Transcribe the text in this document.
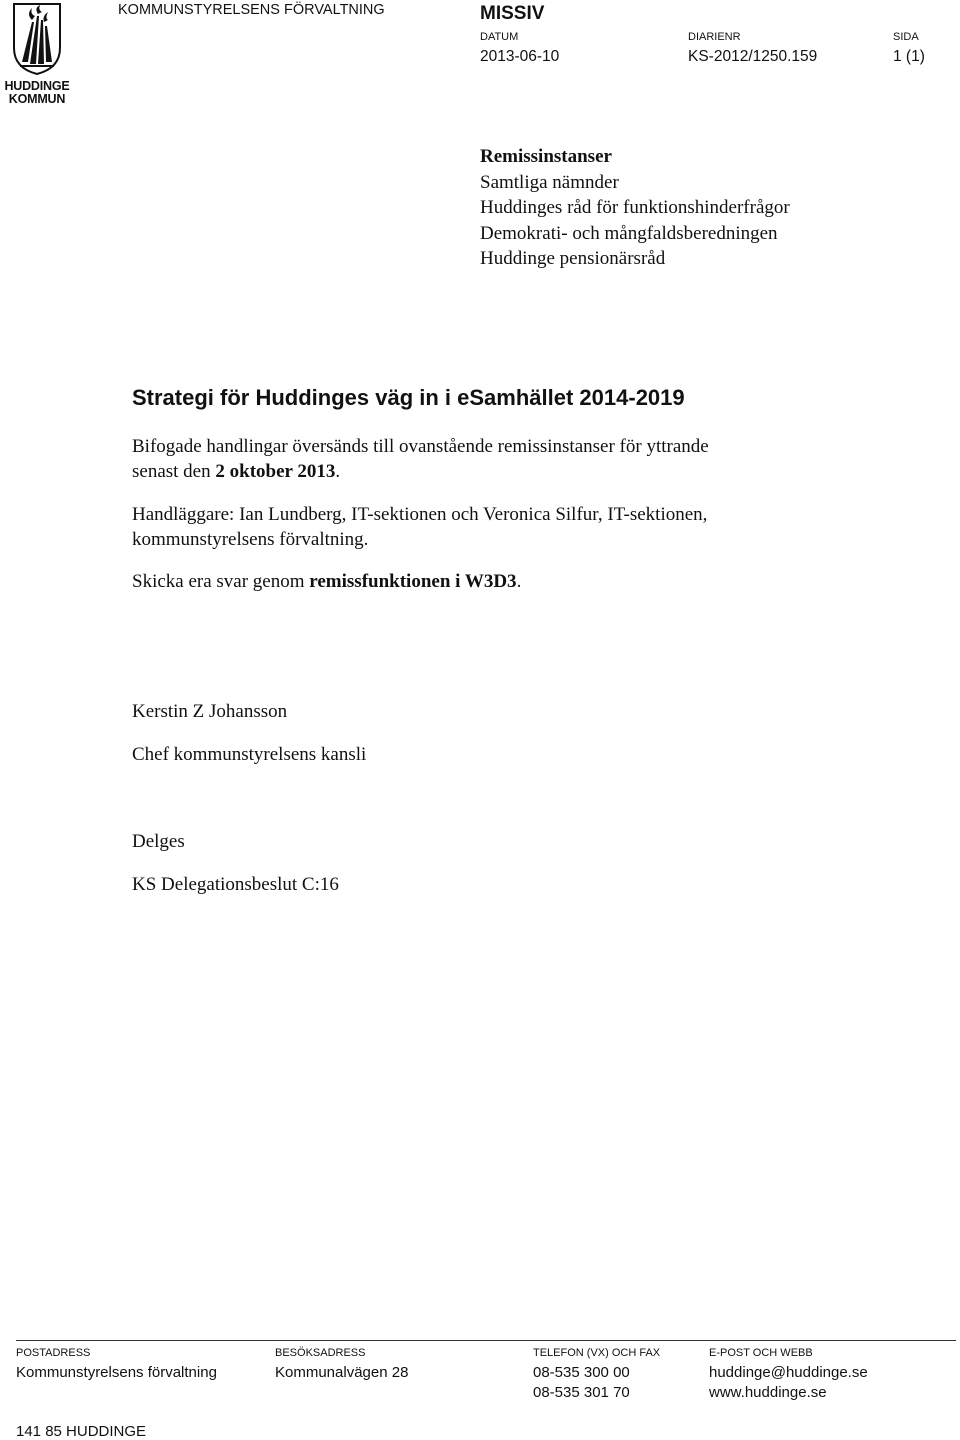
HUDDINGE
KOMMUN
KOMMUNSTYRELSENS FÖRVALTNING	MISSIV
DATUM
2013-06-10
DIARIENR
KS-2012/1250.159
SIDA
1 (1)
Remissinstanser
Samtliga nämnder
Huddinges råd för funktionshinderfrågor
Demokrati- och mångfaldsberedningen
Huddinge pensionärsråd
Strategi för Huddinges väg in i eSamhället 2014-2019
Bifogade handlingar översänds till ovanstående remissinstanser för yttrande
senast den 2 oktober 2013.
Handläggare: Ian Lundberg, IT-sektionen och Veronica Silfur, IT-sektionen,
kommunstyrelsens förvaltning.
Skicka era svar genom remissfunktionen i W3D3.
Kerstin Z Johansson
Chef kommunstyrelsens kansli
Delges
KS Delegationsbeslut C:16
POSTADRESS
Kommunstyrelsens förvaltning
141 85 HUDDINGE
BESÖKSADRESS
Kommunalvägen 28
TELEFON (VX) OCH FAX
08-535 300 00
08-535 301 70
E-POST OCH WEBB
huddinge@huddinge.se
www.huddinge.se
